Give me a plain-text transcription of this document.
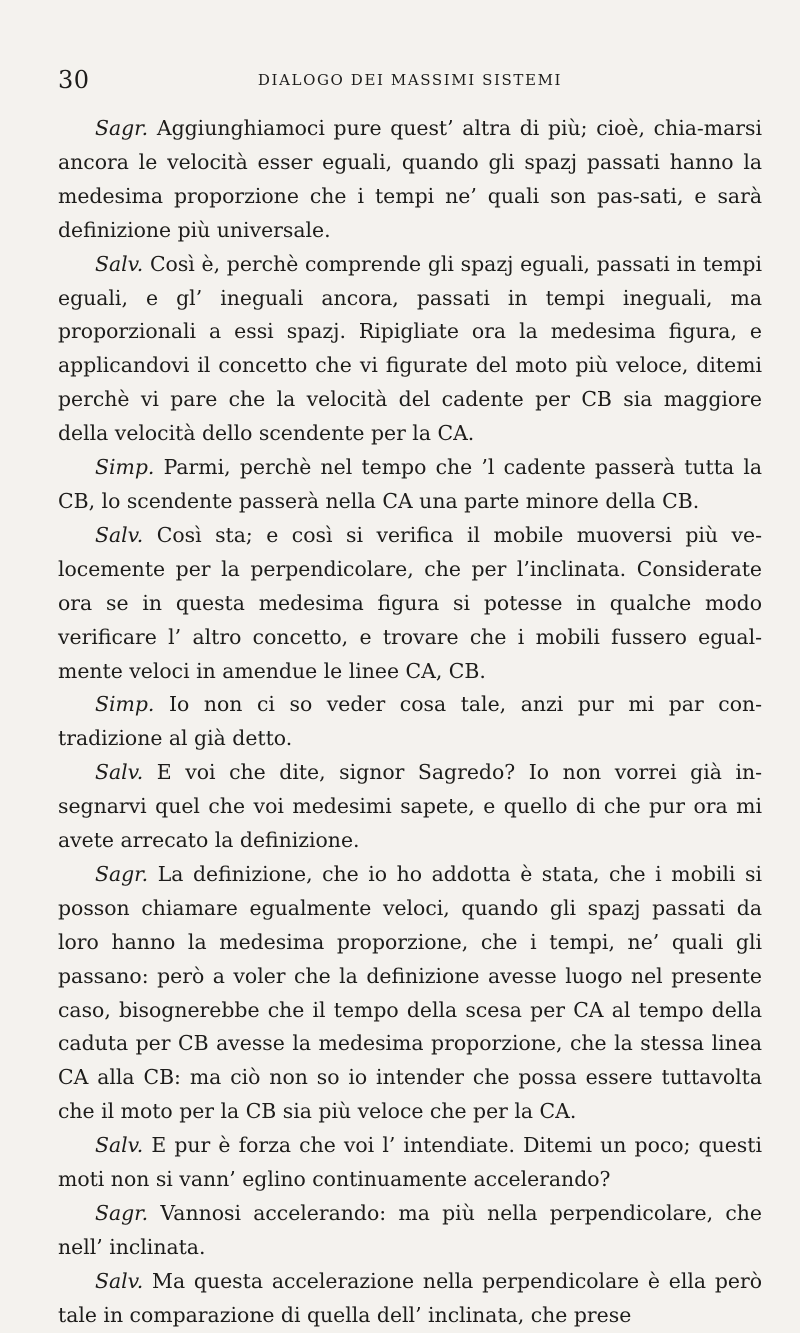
30	DIALOGO DEI MASSIMI SISTEMI

Sagr. Aggiunghiamoci pure quest’ altra di più; cioè, chia-marsi ancora le velocità esser eguali, quando gli spazj passati hanno la medesima proporzione che i tempi ne’ quali son pas-sati, e sarà definizione più universale.

Salv. Così è, perchè comprende gli spazj eguali, passati in tempi eguali, e gl’ ineguali ancora, passati in tempi ineguali, ma proporzionali a essi spazj. Ripigliate ora la medesima figura, e applicandovi il concetto che vi figurate del moto più veloce, ditemi perchè vi pare che la velocità del cadente per CB sia maggiore della velocità dello scendente per la CA.

Simp. Parmi, perchè nel tempo che ’l cadente passerà tutta la CB, lo scendente passerà nella CA una parte minore della CB.

Salv. Così sta; e così si verifica il mobile muoversi più ve-locemente per la perpendicolare, che per l’inclinata. Considerate ora se in questa medesima figura si potesse in qualche modo verificare l’ altro concetto, e trovare che i mobili fussero egual-mente veloci in amendue le linee CA, CB.

Simp. Io non ci so veder cosa tale, anzi pur mi par con-tradizione al già detto.

Salv. E voi che dite, signor Sagredo? Io non vorrei già in-segnarvi quel che voi medesimi sapete, e quello di che pur ora mi avete arrecato la definizione.

Sagr. La definizione, che io ho addotta è stata, che i mobili si posson chiamare egualmente veloci, quando gli spazj passati da loro hanno la medesima proporzione, che i tempi, ne’ quali gli passano: però a voler che la definizione avesse luogo nel presente caso, bisognerebbe che il tempo della scesa per CA al tempo della caduta per CB avesse la medesima proporzione, che la stessa linea CA alla CB: ma ciò non so io intender che possa essere tuttavolta che il moto per la CB sia più veloce che per la CA.

Salv. E pur è forza che voi l’ intendiate. Ditemi un poco; questi moti non si vann’ eglino continuamente accelerando?

Sagr. Vannosi accelerando: ma più nella perpendicolare, che nell’ inclinata.

Salv. Ma questa accelerazione nella perpendicolare è ella però tale in comparazione di quella dell’ inclinata, che prese
